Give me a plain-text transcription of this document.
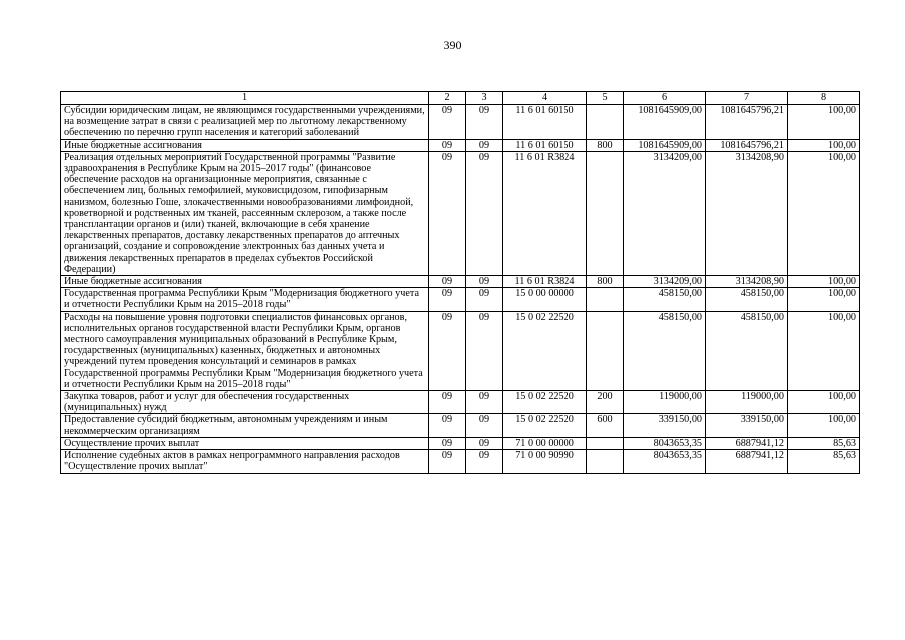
390
1	2	3	4	5	6	7	8
Субсидии юридическим лицам, не являющимся государственными учреждениями, на возмещение затрат в связи с реализацией мер по льготному лекарственному обеспечению по перечню групп населения и категорий заболеваний	09	09	11 6 01 60150		1081645909,00	1081645796,21	100,00
Иные бюджетные ассигнования	09	09	11 6 01 60150	800	1081645909,00	1081645796,21	100,00
Реализация отдельных мероприятий Государственной программы "Развитие здравоохранения в Республике Крым на 2015–2017 годы" (финансовое обеспечение расходов на организационные мероприятия, связанные с обеспечением лиц, больных гемофилией, муковисцидозом, гипофизарным нанизмом, болезнью Гоше, злокачественными новообразованиями лимфоидной, кроветворной и родственных им тканей, рассеянным склерозом, а также после трансплантации органов и (или) тканей, включающие в себя хранение лекарственных препаратов, доставку лекарственных препаратов до аптечных организаций, создание и сопровождение электронных баз данных учета и движения лекарственных препаратов в пределах субъектов Российской Федерации)	09	09	11 6 01 R3824		3134209,00	3134208,90	100,00
Иные бюджетные ассигнования	09	09	11 6 01 R3824	800	3134209,00	3134208,90	100,00
Государственная программа Республики Крым "Модернизация бюджетного учета и отчетности Республики Крым на 2015–2018 годы"	09	09	15 0 00 00000		458150,00	458150,00	100,00
Расходы на повышение уровня подготовки специалистов финансовых органов, исполнительных органов государственной власти Республики Крым, органов местного самоуправления муниципальных образований в Республике Крым, государственных (муниципальных) казенных, бюджетных и автономных учреждений путем проведения консультаций и семинаров в рамках Государственной программы Республики Крым "Модернизация бюджетного учета и отчетности Республики Крым на 2015–2018 годы"	09	09	15 0 02 22520		458150,00	458150,00	100,00
Закупка товаров, работ и услуг для обеспечения государственных (муниципальных) нужд	09	09	15 0 02 22520	200	119000,00	119000,00	100,00
Предоставление субсидий бюджетным, автономным учреждениям и иным некоммерческим организациям	09	09	15 0 02 22520	600	339150,00	339150,00	100,00
Осуществление прочих выплат	09	09	71 0 00 00000		8043653,35	6887941,12	85,63
Исполнение судебных актов в рамках непрограммного направления расходов "Осуществление прочих выплат"	09	09	71 0 00 90990		8043653,35	6887941,12	85,63
